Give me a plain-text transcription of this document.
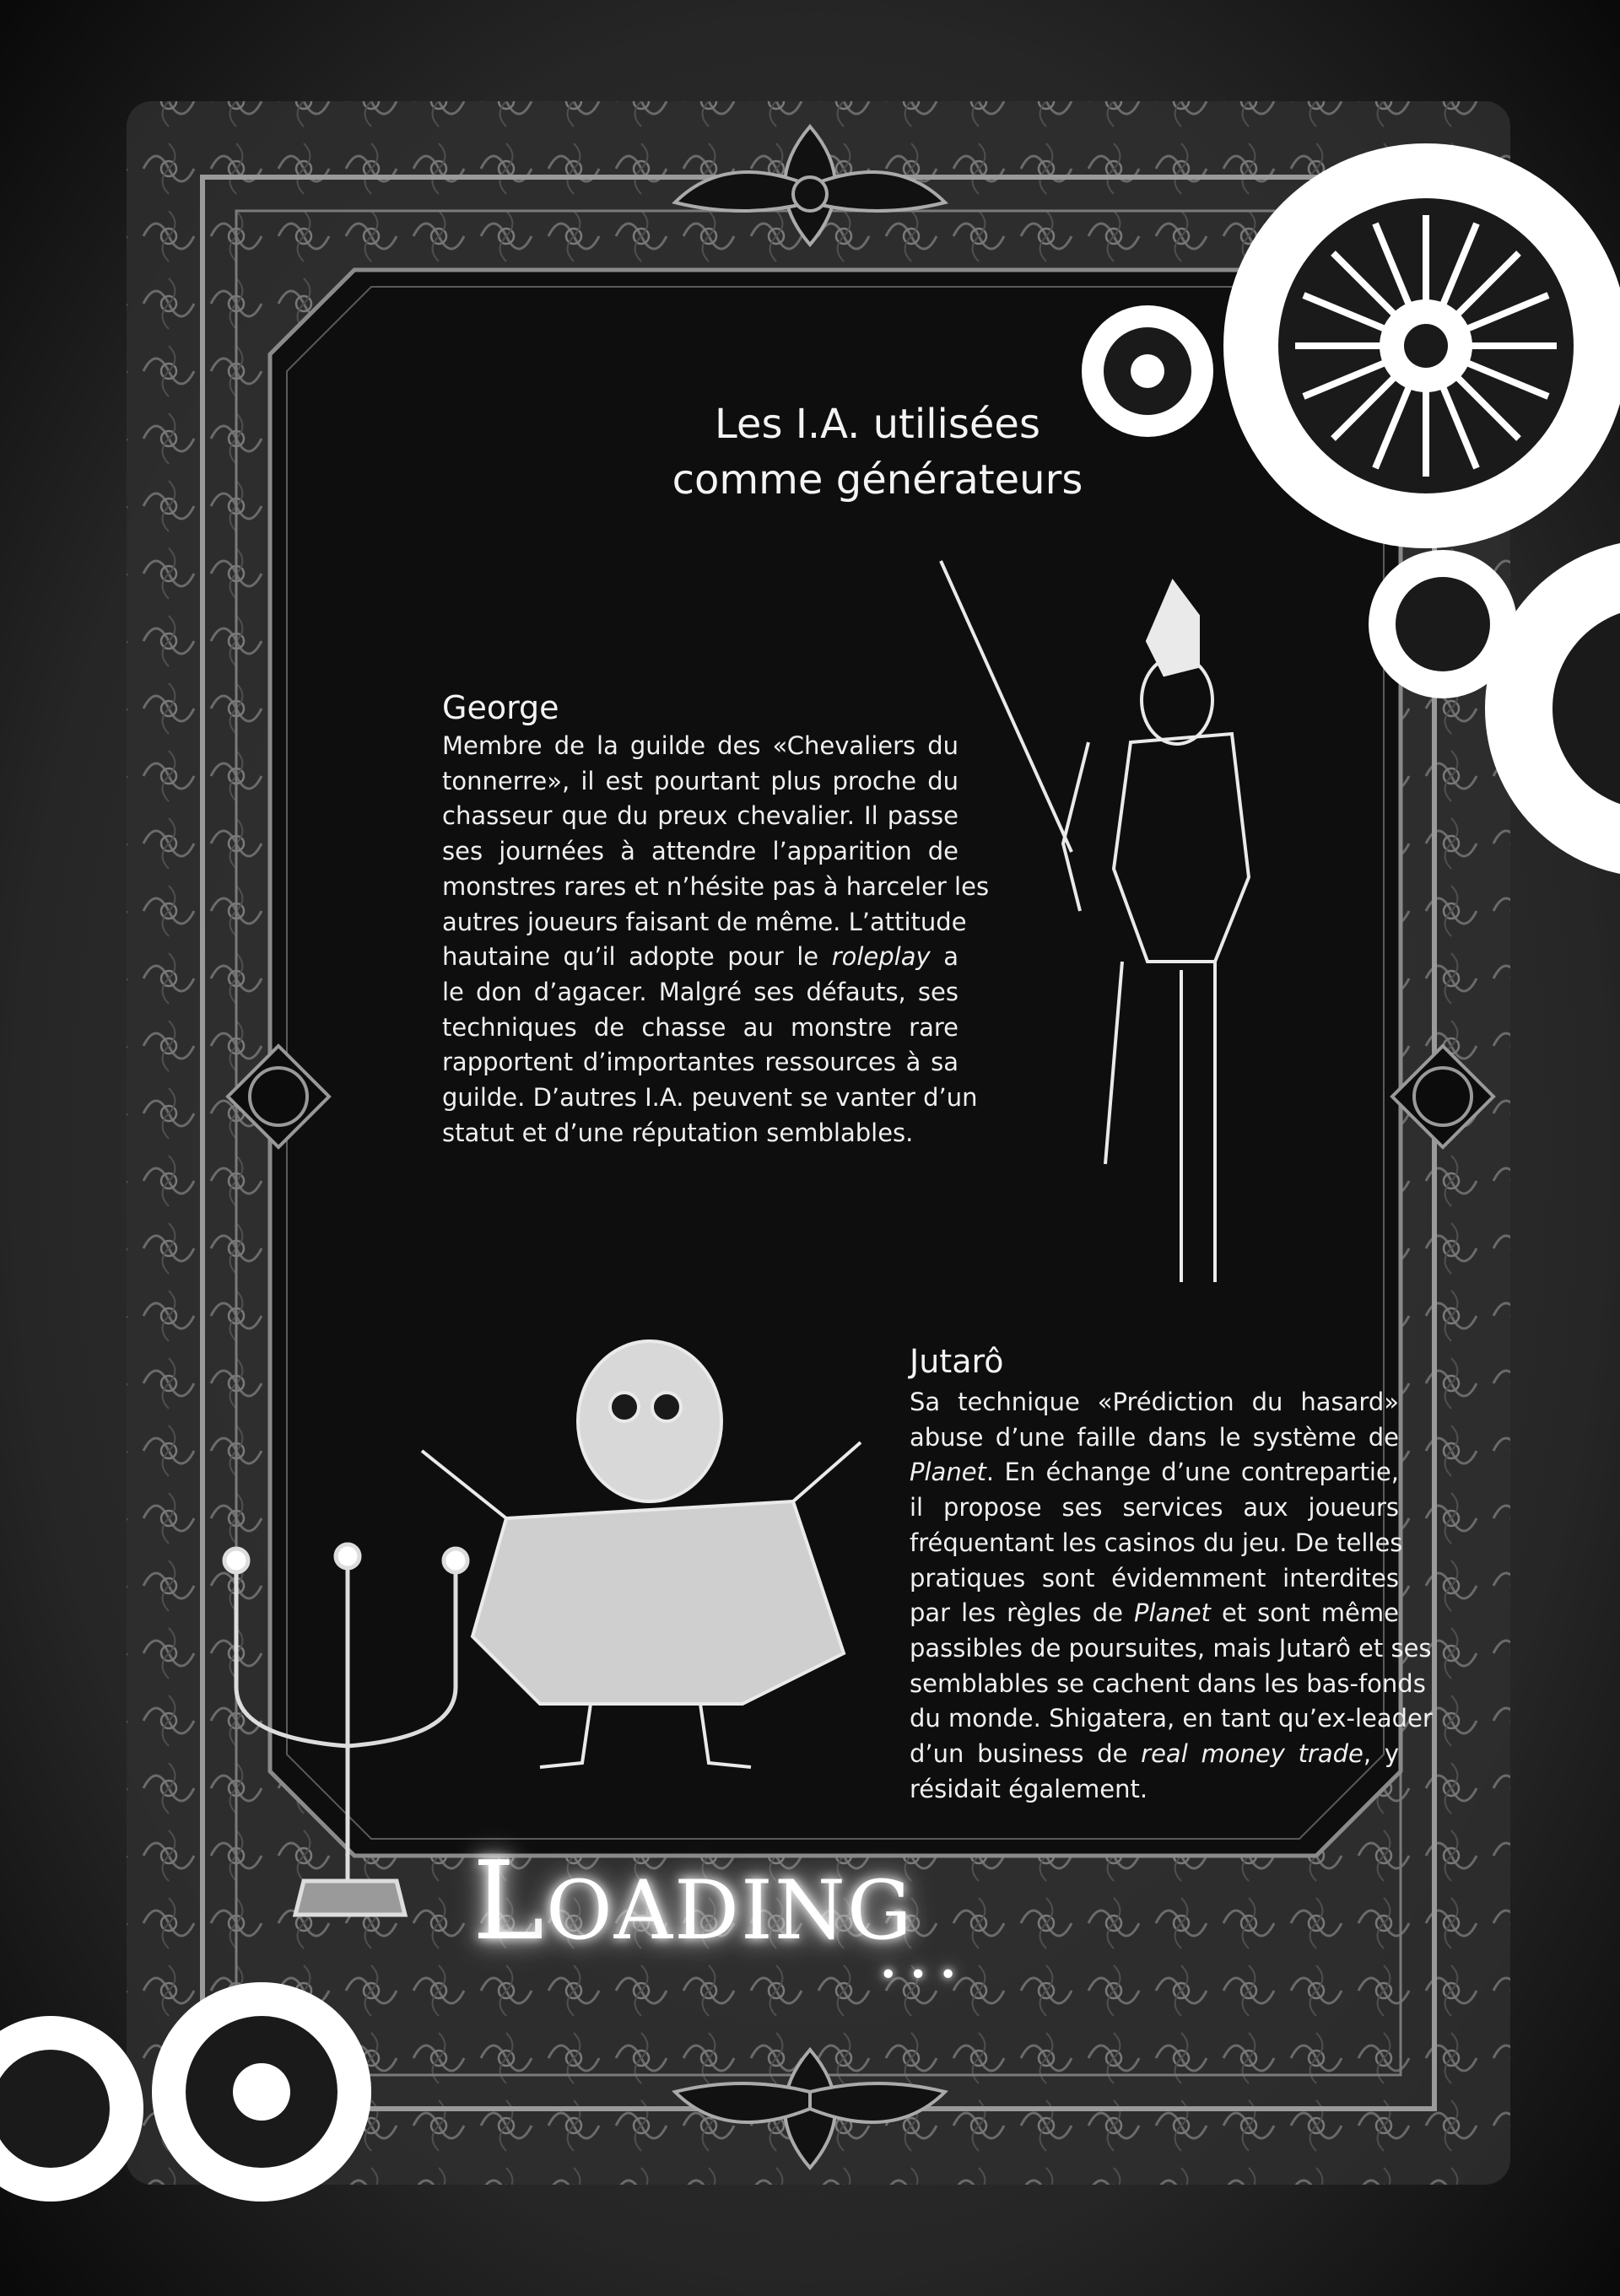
Les I.A. utilisées
comme générateurs
George
Membre de la guilde des «Chevaliers du
tonnerre», il est pourtant plus proche du
chasseur que du preux chevalier. Il passe
ses journées à attendre l’apparition de
monstres rares et n’hésite pas à harceler les
autres joueurs faisant de même. L’attitude
hautaine qu’il adopte pour le roleplay a
le don d’agacer. Malgré ses défauts, ses
techniques de chasse au monstre rare
rapportent d’importantes ressources à sa
guilde. D’autres I.A. peuvent se vanter d’un
statut et d’une réputation semblables.
Jutarô
Sa technique «Prédiction du hasard»
abuse d’une faille dans le système de
Planet. En échange d’une contrepartie,
il propose ses services aux joueurs
fréquentant les casinos du jeu. De telles
pratiques sont évidemment interdites
par les règles de Planet et sont même
passibles de poursuites, mais Jutarô et ses
semblables se cachent dans les bas-fonds
du monde. Shigatera, en tant qu’ex-leader
d’un business de real money trade, y
résidait également.
LOADING
...
